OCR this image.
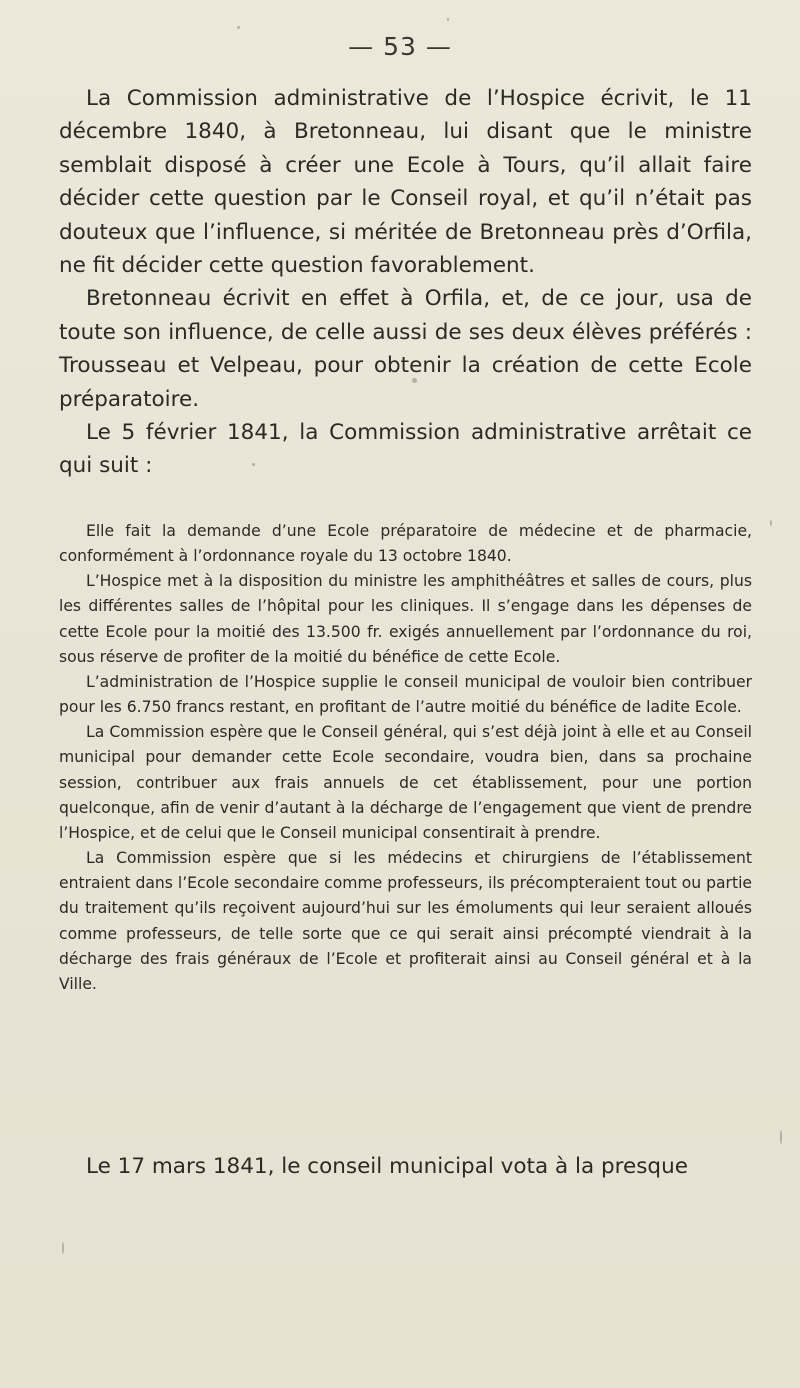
— 53 —

La Commission administrative de l’Hospice écrivit, le 11 décembre 1840, à Bretonneau, lui disant que le ministre semblait disposé à créer une Ecole à Tours, qu’il allait faire décider cette question par le Conseil royal, et qu’il n’était pas douteux que l’influence, si méritée de Bretonneau près d’Orfila, ne fit décider cette question favorablement.

Bretonneau écrivit en effet à Orfila, et, de ce jour, usa de toute son influence, de celle aussi de ses deux élèves préférés : Trousseau et Velpeau, pour obtenir la création de cette Ecole préparatoire.

Le 5 février 1841, la Commission administrative arrêtait ce qui suit :

Elle fait la demande d’une Ecole préparatoire de médecine et de pharmacie, conformément à l’ordonnance royale du 13 octobre 1840.

L’Hospice met à la disposition du ministre les amphithéâtres et salles de cours, plus les différentes salles de l’hôpital pour les cliniques. Il s’engage dans les dépenses de cette Ecole pour la moitié des 13.500 fr. exigés annuellement par l’ordonnance du roi, sous réserve de profiter de la moitié du bénéfice de cette Ecole.

L’administration de l’Hospice supplie le conseil municipal de vouloir bien contribuer pour les 6.750 francs restant, en profitant de l’autre moitié du bénéfice de ladite Ecole.

La Commission espère que le Conseil général, qui s’est déjà joint à elle et au Conseil municipal pour demander cette Ecole secondaire, voudra bien, dans sa prochaine session, contribuer aux frais annuels de cet établissement, pour une portion quelconque, afin de venir d’autant à la décharge de l’engagement que vient de prendre l’Hospice, et de celui que le Conseil municipal consentirait à prendre.

La Commission espère que si les médecins et chirurgiens de l’établissement entraient dans l’Ecole secondaire comme professeurs, ils précompteraient tout ou partie du traitement qu’ils reçoivent aujourd’hui sur les émoluments qui leur seraient alloués comme professeurs, de telle sorte que ce qui serait ainsi précompté viendrait à la décharge des frais généraux de l’Ecole et profiterait ainsi au Conseil général et à la Ville.

Le 17 mars 1841, le conseil municipal vota à la presque
